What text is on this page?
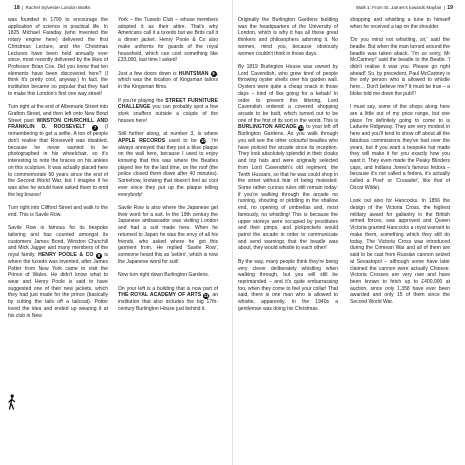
18 | Rachel Sylvester London Walks

was founded in 1799 to encourage the application of science in practical life. In 1825 Michael Faraday (who invented the rotary engine here) delivered the first Christmas Lecture, and the Christmas Lectures have been held annually ever since, most recently delivered by the likes of Professor Brian Cox. Did you know that ten elements have been discovered here? (I think it's pretty cool, anyway.) In fact, the institution became so popular that they had to make this London's first one way street!

Turn right at the end of Albemarle Street into Grafton Street, and then left onto New Bond Street past WINSTON CHURCHILL AND FRANKLIN D. ROOSEVELT 7 (I remembering to get a selfie. A ton of people don't realise that Roosevelt was disabled, because he never wanted to be photographed in his wheelchair, so it's interesting to note the braces on his ankles on this sculpture. It was actually placed here to commemorate 50 years since the end of the Second World War, but I imagine if he was alive he would have asked them to omit the leg braces!

Turn right into Clifford Street and walk to the end. This is Savile Row.

Savile Row is famous for its bespoke tailoring and has counted amongst its customers James Bond, Winston Churchill and Mick Jagger and many members of the royal family. HENRY POOLE & CO 8 is where the tuxedo was invented, after James Potter from New York came to visit the Prince of Wales. He didn't know what to wear and Henry Poole is said to have suggested one of their new jackets, which they had just made for the prince (basically by cutting the tails off a tailcoat). Potter loved the idea and ended up wearing it at his club in New

York – the Tuxedo Club – whose members adopted it as their attire. That's why Americans call it a tuxedo but we Brits call it a dinner jacket. Henry Poole & Co also make uniforms for guards of the royal household, which can cost something like £33,000, last time I asked!

Just a few doors down is HUNTSMAN 9 , which was the location of Kingsman tailors in the Kingsman films.

If you're playing the STREET FURNITURE CHALLENGE you can probably spot a few stork snuffers outside a couple of the houses here!

Still further along, at number 3, is where APPLE RECORDS used to be 10. I'm always annoyed that they put a blue plaque on the wall here, because I used to enjoy knowing that this was where the Beatles played live for the last time, on the roof (the police closed them down after 40 minutes). Somehow, knowing that doesn't feel as cool ever since they put up the plaque telling everybody!

Savile Row is also where the Japanese get their word for a suit. In the 19th century the Japanese ambassador was visiting London and had a suit made here. When he returned to Japan he was the envy of all his friends, who asked where he got this garment from. He replied 'Savile Row', someone heard this as 'sebiro', which is now the Japanese word for suit!

Now turn right down Burlington Gardens.

On your left is a building that is now part of THE ROYAL ACADEMY OF ARTS 11, an institution that also includes the big 17th-century Burlington House just behind it.

Walk 1: From St. James's towards Mayfair | 19

Originally the Burlington Gardens building was the headquarters of the University of London, which is why it has all these great thinkers and philosophers adorning it. No women, mind you, because obviously women couldn't think in those days.

By 1819 Burlington House was owned by Lord Cavendish, who grew tired of people throwing oyster shells over his garden wall. Oysters were quite a cheap snack in those days – kind of like going for a kebab! In order to prevent this littering, Lord Cavendish ordered a covered shopping arcade to be built, which turned out to be one of the first of its sort in the world. This is BURLINGTON ARCADE 12 to your left off Burlington Gardens. As you walk through you will see the other colourful beadles who have policed the arcade since its inception. They look absolutely splendid in their cloaks and top hats and were originally selected from Lord Cavendish's old regiment, the Tenth Hussars, so that he was could shop in the street without fear of being molested. Some rather curious rules still remain today: if you're walking through the arcade no running, shouting or piddling in the shallow end, no opening of umbrellas and, most famously, no whistling! This is because the upper storeys were occupied by prostitutes and their pimps, and pickpockets would patrol the arcade in order to communicate and send warnings that the beadle was about, they would whistle to each other!

By the way, many people think they're being very clever deliberately whistling when walking through, but you will still be reprimanded – and it's quite embarrassing too, when they come to feel your collar! That said, there is one man who is allowed to whistle, apparently. In the 1940s a gentleman was doing his Christmas

shopping and whistling a tune to himself when he received a tap on the shoulder.

'Do you mind not whistling, sir,' said the beadle. But when the man turned around the beadle was taken aback. 'I'm so sorry, Mr McCartney!' said the beadle to the Beatle. 'I didn't realise it was you. Please go right ahead!' So, by precedent, Paul McCartney is the only person who is allowed to whistle here… Don't believe me? It must be true – a bloke told me down the pub!!!

I must say, some of the shops along here are a little out of my price range, but one place I'm definitely going to come to is Ladurée Ridgeway. They are very modest in here and you'll tend to show off about all the fabulous commissions they've had over the years, but if you want a bespoke hat made they will make it for you exactly how you want it. They even made the Peaky Blinders caps, and Indiana Jones's famous fedora – because it's not called a fedora, it's actually called a Poet' or 'Crusader', like that of Oscar Wilde).

Look out also for Hancocks. In 1856 the design of the Victoria Cross, the highest military award for gallantry in the British armed forces, was approved and Queen Victoria granted Hancocks a royal warrant to make them, something which they still do today. The Victoria Cross was introduced during the Crimean War and all of them are said to be cast from Russian cannon seized at Sevastopol – although some have later claimed the cannon were actually Chinese. Victoria Crosses are very rare and have been known to fetch up to £400,000 at auction, since only 1,358 have ever been awarded and only 15 of them since the Second World War.
